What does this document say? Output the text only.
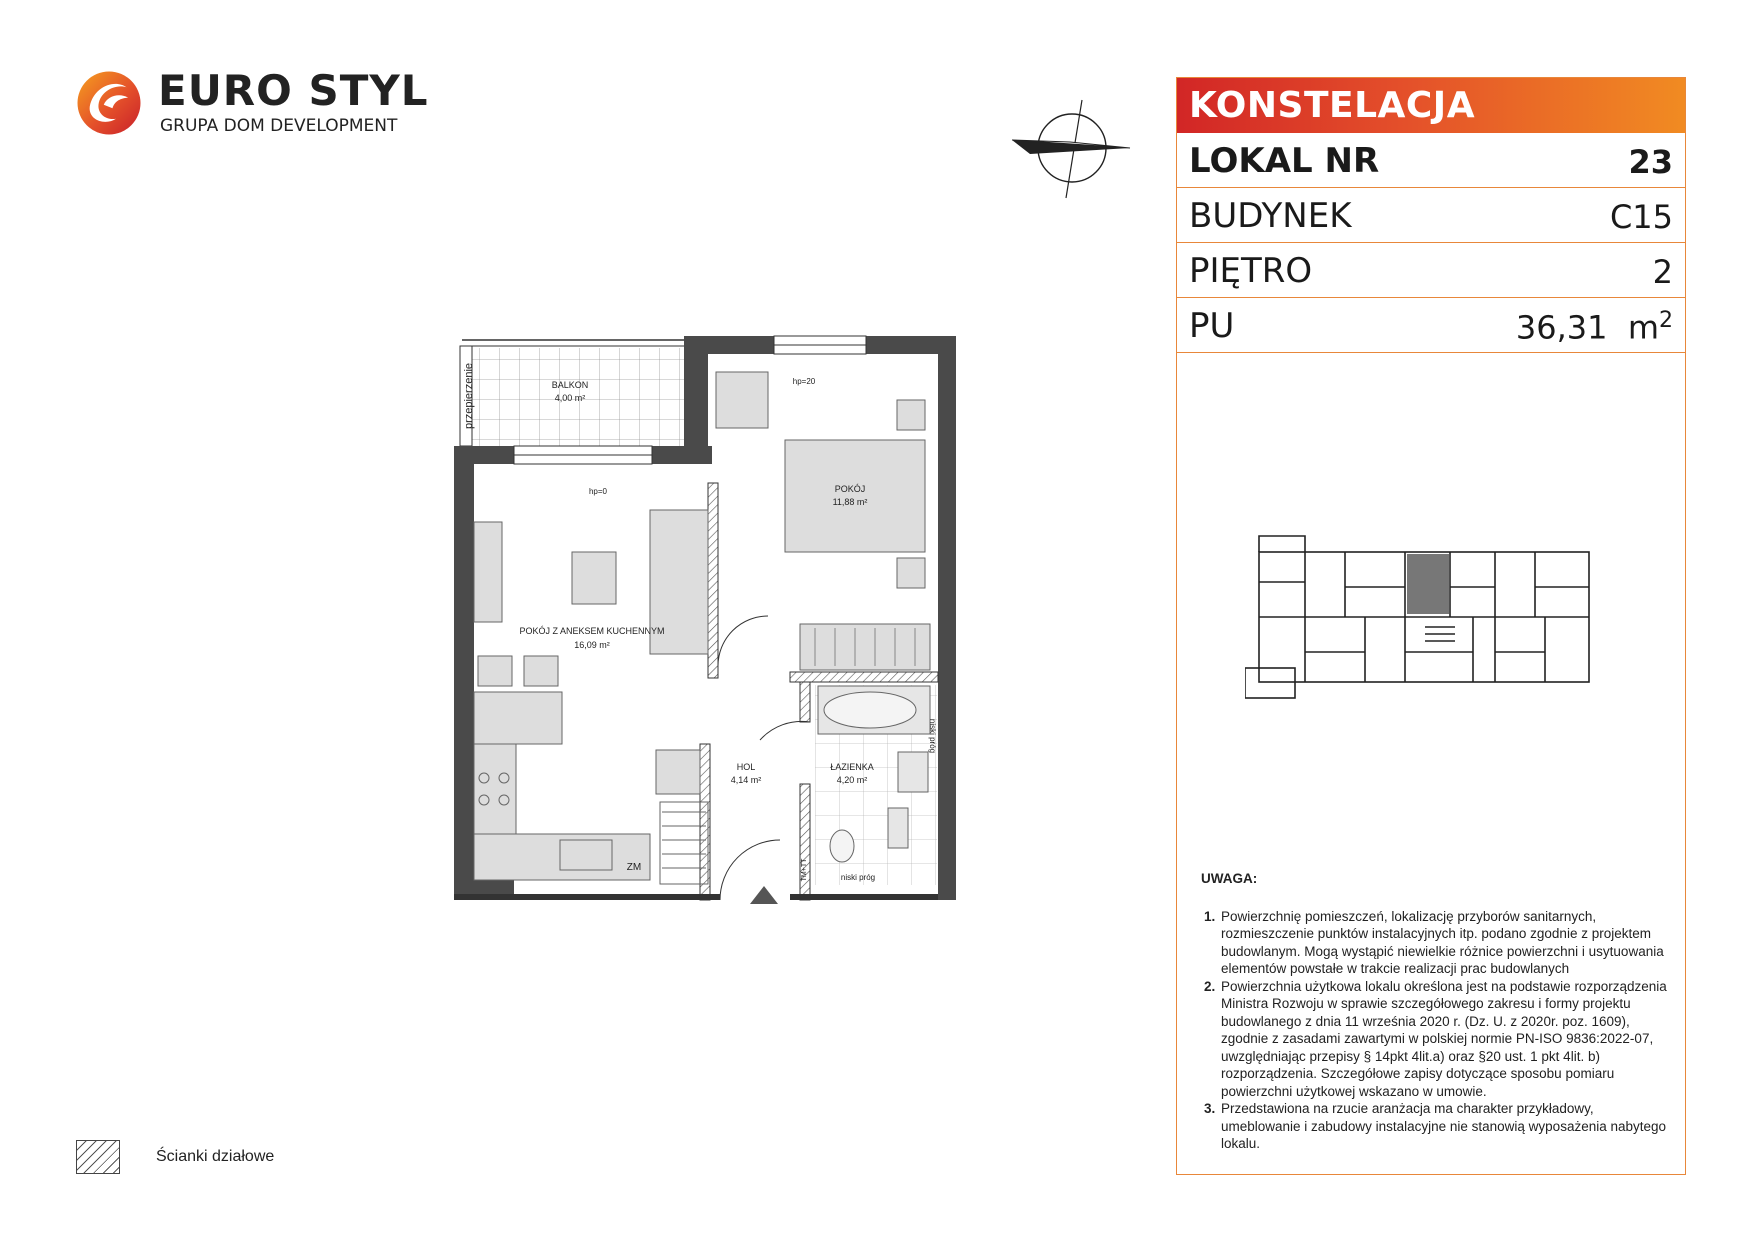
EURO STYL
GRUPA DOM DEVELOPMENT
BALKON
4,00 m²
POKÓJ
11,88 m²
POKÓJ Z ANEKSEM KUCHENNYM
16,09 m²
HOL
4,14 m²
ŁAZIENKA
4,20 m²
hp=20
hp=0
ZM
niski próg
niski próg
TM+TT
przepierzenie
KONSTELACJA
LOKAL NR	23
BUDYNEK	C15
PIĘTRO	2
PU	36,31 $m^2$
UWAGA:
1. Powierzchnię pomieszczeń, lokalizację przyborów sanitarnych, rozmieszczenie punktów instalacyjnych itp. podano zgodnie z projektem budowlanym. Mogą wystąpić niewielkie różnice powierzchni i usytuowania elementów powstałe w trakcie realizacji prac budowlanych
2. Powierzchnia użytkowa lokalu określona jest na podstawie rozporządzenia Ministra Rozwoju w sprawie szczegółowego zakresu i formy projektu budowlanego z dnia 11 września 2020 r. (Dz. U. z 2020r. poz. 1609), zgodnie z zasadami zawartymi w polskiej normie PN-ISO 9836:2022-07, uwzględniając przepisy § 14pkt 4lit.a) oraz §20 ust. 1 pkt 4lit. b) rozporządzenia. Szczegółowe zapisy dotyczące sposobu pomiaru powierzchni użytkowej wskazano w umowie.
3. Przedstawiona na rzucie aranżacja ma charakter przykładowy, umeblowanie i zabudowy instalacyjne nie stanowią wyposażenia nabytego lokalu.
Ścianki działowe
